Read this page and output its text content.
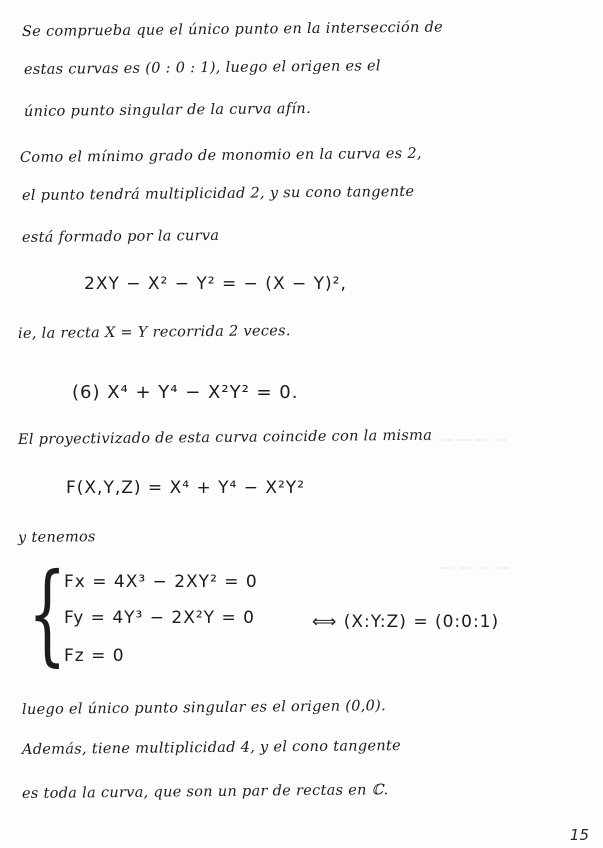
— — — — —
— — — —
Se comprueba que el único punto en la intersección de
estas curvas es (0 : 0 : 1), luego el origen es el
único punto singular de la curva afín.
Como el mínimo grado de monomio en la curva es 2,
el punto tendrá multiplicidad 2, y su cono tangente
está formado por la curva
2XY − X² − Y² = − (X − Y)²,
ie, la recta X = Y recorrida 2 veces.
(6) X⁴ + Y⁴ − X²Y² = 0.
El proyectivizado de esta curva coincide con la misma
F(X,Y,Z) = X⁴ + Y⁴ − X²Y²
y tenemos
{
Fx = 4X³ − 2XY² = 0
Fy = 4Y³ − 2X²Y = 0	⟺ (X:Y:Z) = (0:0:1)
Fz = 0
luego el único punto singular es el origen (0,0).
Además, tiene multiplicidad 4, y el cono tangente
es toda la curva, que son un par de rectas en ℂ.
15
